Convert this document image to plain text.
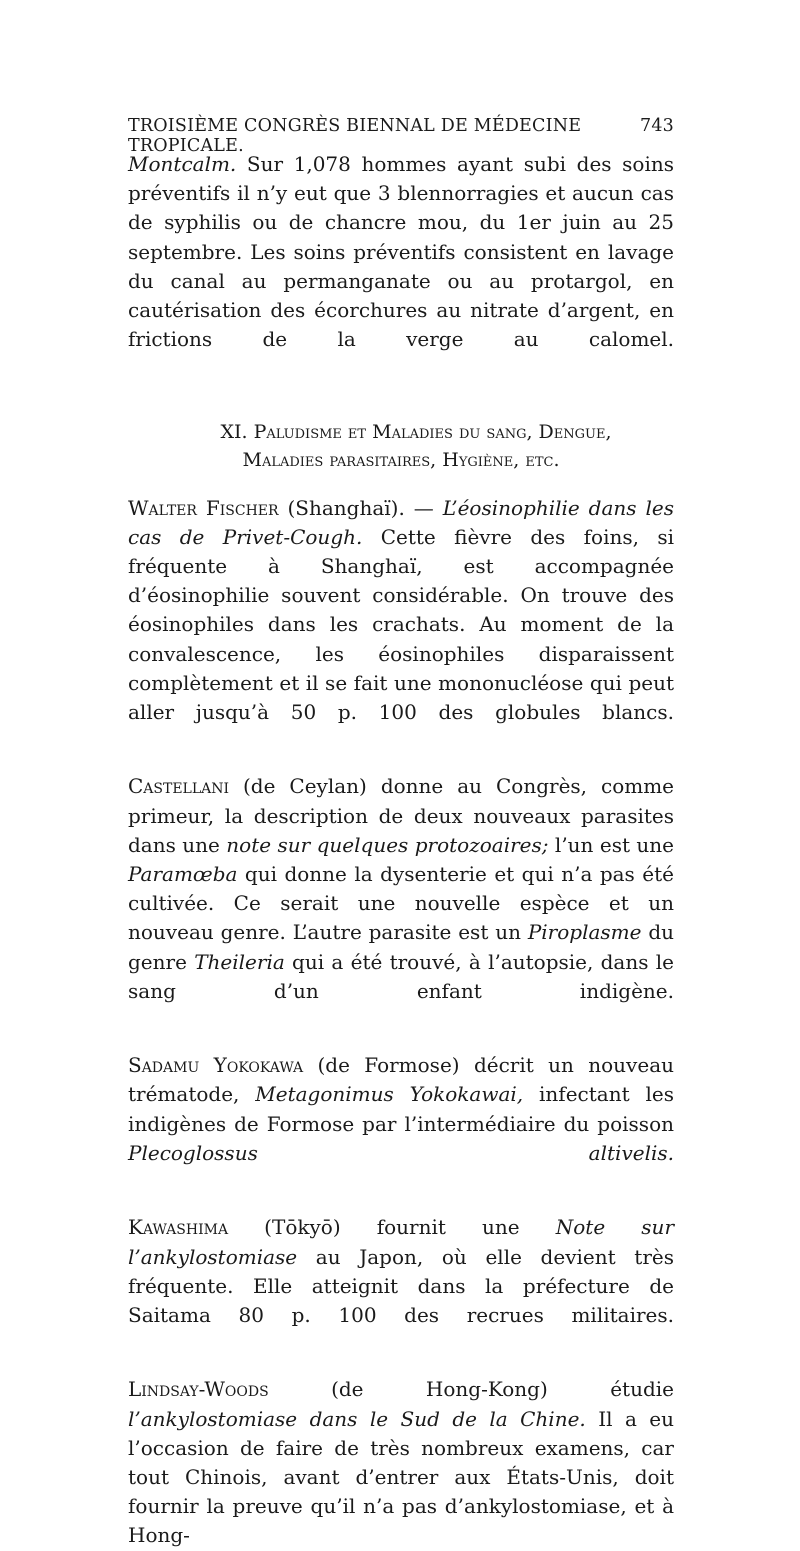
TROISIÈME CONGRÈS BIENNAL DE MÉDECINE TROPICALE.
743

Montcalm. Sur 1,078 hommes ayant subi des soins préventifs il n’y eut que 3 blennorragies et aucun cas de syphilis ou de chancre mou, du 1er juin au 25 septembre. Les soins préventifs consistent en lavage du canal au permanganate ou au protargol, en cautérisation des écorchures au nitrate d’argent, en frictions de la verge au calomel.

XI. Paludisme et Maladies du sang, Dengue,
Maladies parasitaires, Hygiène, etc.

Walter Fischer (Shanghaï). — L’éosinophilie dans les cas de Privet-Cough. Cette fièvre des foins, si fréquente à Shanghaï, est accompagnée d’éosinophilie souvent considérable. On trouve des éosinophiles dans les crachats. Au moment de la convalescence, les éosinophiles disparaissent complètement et il se fait une mononucléose qui peut aller jusqu’à 50 p. 100 des globules blancs.

Castellani (de Ceylan) donne au Congrès, comme primeur, la description de deux nouveaux parasites dans une note sur quelques protozoaires; l’un est une Paramœba qui donne la dysenterie et qui n’a pas été cultivée. Ce serait une nouvelle espèce et un nouveau genre. L’autre parasite est un Piroplasme du genre Theileria qui a été trouvé, à l’autopsie, dans le sang d’un enfant indigène.

Sadamu Yokokawa (de Formose) décrit un nouveau trématode, Metagonimus Yokokawai, infectant les indigènes de Formose par l’intermédiaire du poisson Plecoglossus altivelis.

Kawashima (Tōkyō) fournit une Note sur l’ankylostomiase au Japon, où elle devient très fréquente. Elle atteignit dans la préfecture de Saitama 80 p. 100 des recrues militaires.

Lindsay-Woods (de Hong-Kong) étudie l’ankylostomiase dans le Sud de la Chine. Il a eu l’occasion de faire de très nombreux examens, car tout Chinois, avant d’entrer aux États-Unis, doit fournir la preuve qu’il n’a pas d’ankylostomiase, et à Hong-
